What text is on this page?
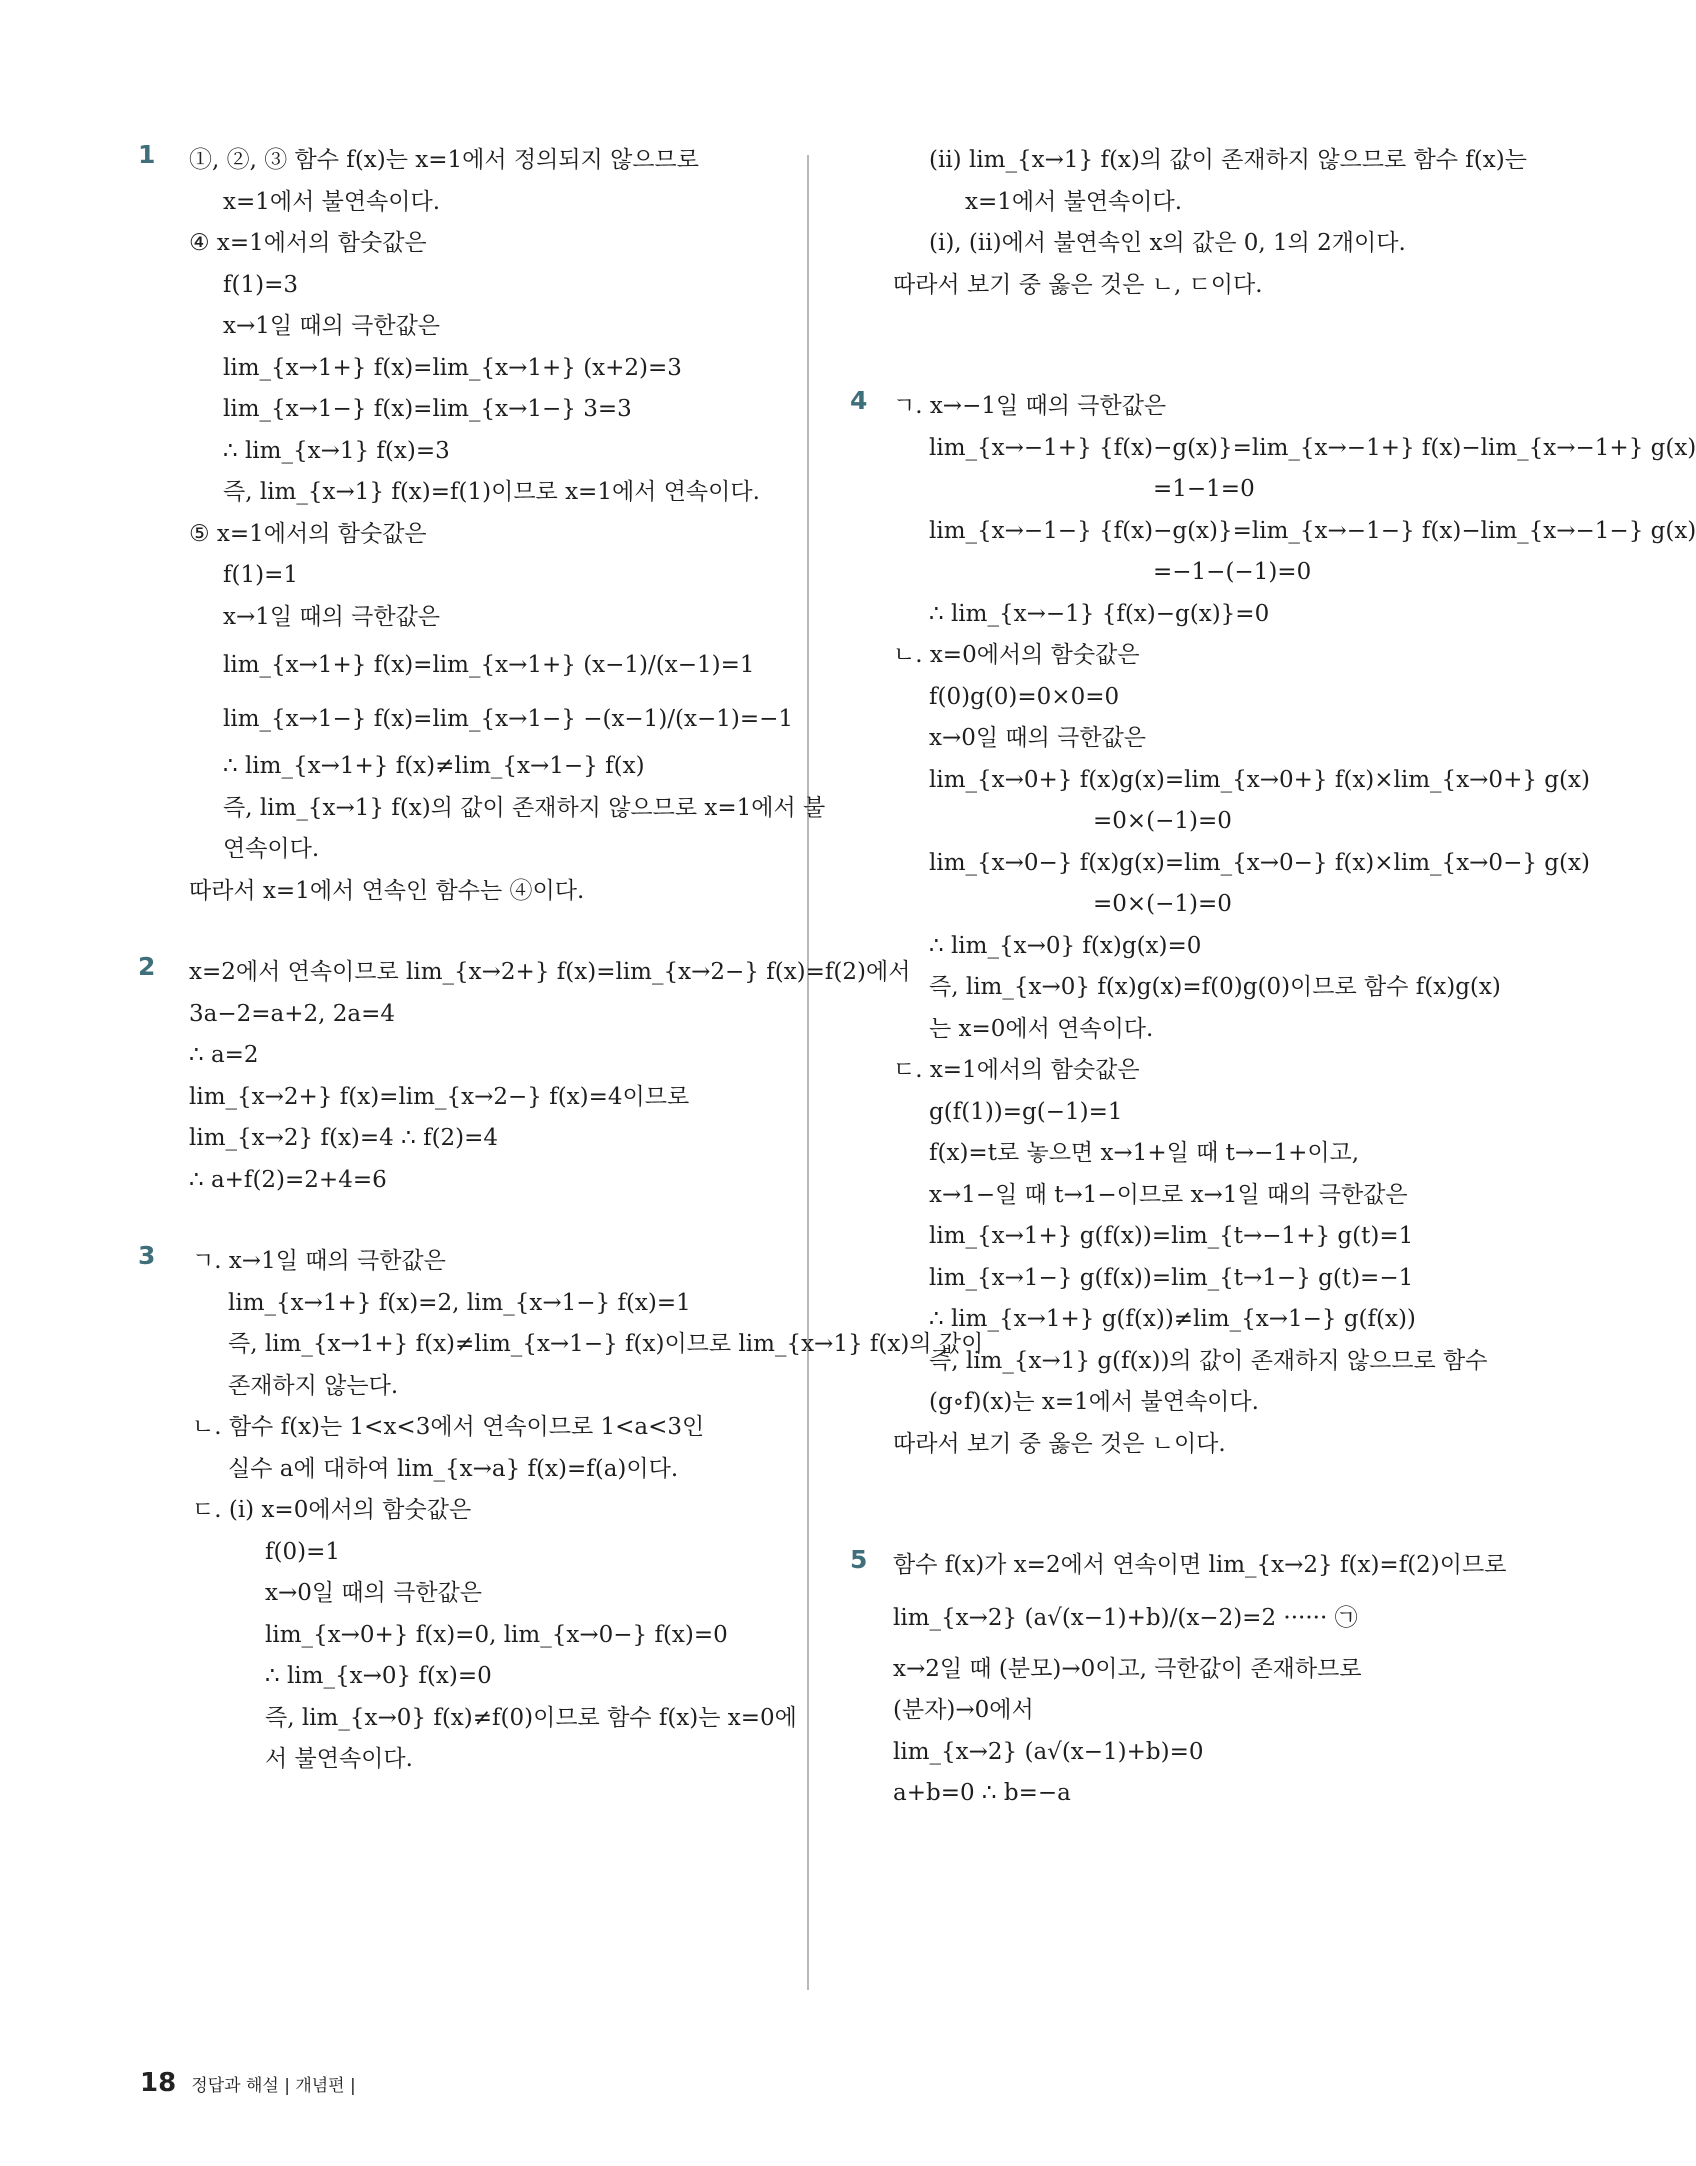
1	①, ②, ③ 함수 f(x)는 x=1에서 정의되지 않으므로
x=1에서 불연속이다.
④ x=1에서의 함숫값은
f(1)=3
x→1일 때의 극한값은
lim_{x→1+} f(x)=lim_{x→1+} (x+2)=3
lim_{x→1−} f(x)=lim_{x→1−} 3=3
∴ lim_{x→1} f(x)=3
즉, lim_{x→1} f(x)=f(1)이므로 x=1에서 연속이다.
⑤ x=1에서의 함숫값은
f(1)=1
x→1일 때의 극한값은
lim_{x→1+} f(x)=lim_{x→1+} (x−1)/(x−1)=1
lim_{x→1−} f(x)=lim_{x→1−} −(x−1)/(x−1)=−1
∴ lim_{x→1+} f(x)≠lim_{x→1−} f(x)
즉, lim_{x→1} f(x)의 값이 존재하지 않으므로 x=1에서 불
연속이다.
따라서 x=1에서 연속인 함수는 ④이다.
2	x=2에서 연속이므로 lim_{x→2+} f(x)=lim_{x→2−} f(x)=f(2)에서
3a−2=a+2, 2a=4
∴ a=2
lim_{x→2+} f(x)=lim_{x→2−} f(x)=4이므로
lim_{x→2} f(x)=4 ∴ f(2)=4
∴ a+f(2)=2+4=6
3	ㄱ. x→1일 때의 극한값은
lim_{x→1+} f(x)=2, lim_{x→1−} f(x)=1
즉, lim_{x→1+} f(x)≠lim_{x→1−} f(x)이므로 lim_{x→1} f(x)의 값이
존재하지 않는다.
ㄴ. 함수 f(x)는 1<x<3에서 연속이므로 1<a<3인
실수 a에 대하여 lim_{x→a} f(x)=f(a)이다.
ㄷ. (i) x=0에서의 함숫값은
f(0)=1
x→0일 때의 극한값은
lim_{x→0+} f(x)=0, lim_{x→0−} f(x)=0
∴ lim_{x→0} f(x)=0
즉, lim_{x→0} f(x)≠f(0)이므로 함수 f(x)는 x=0에
서 불연속이다.
(ii) lim_{x→1} f(x)의 값이 존재하지 않으므로 함수 f(x)는
x=1에서 불연속이다.
(i), (ii)에서 불연속인 x의 값은 0, 1의 2개이다.
따라서 보기 중 옳은 것은 ㄴ, ㄷ이다.
4	ㄱ. x→−1일 때의 극한값은
lim_{x→−1+} {f(x)−g(x)}=lim_{x→−1+} f(x)−lim_{x→−1+} g(x)
=1−1=0
lim_{x→−1−} {f(x)−g(x)}=lim_{x→−1−} f(x)−lim_{x→−1−} g(x)
=−1−(−1)=0
∴ lim_{x→−1} {f(x)−g(x)}=0
ㄴ. x=0에서의 함숫값은
f(0)g(0)=0×0=0
x→0일 때의 극한값은
lim_{x→0+} f(x)g(x)=lim_{x→0+} f(x)×lim_{x→0+} g(x)
=0×(−1)=0
lim_{x→0−} f(x)g(x)=lim_{x→0−} f(x)×lim_{x→0−} g(x)
=0×(−1)=0
∴ lim_{x→0} f(x)g(x)=0
즉, lim_{x→0} f(x)g(x)=f(0)g(0)이므로 함수 f(x)g(x)
는 x=0에서 연속이다.
ㄷ. x=1에서의 함숫값은
g(f(1))=g(−1)=1
f(x)=t로 놓으면 x→1+일 때 t→−1+이고,
x→1−일 때 t→1−이므로 x→1일 때의 극한값은
lim_{x→1+} g(f(x))=lim_{t→−1+} g(t)=1
lim_{x→1−} g(f(x))=lim_{t→1−} g(t)=−1
∴ lim_{x→1+} g(f(x))≠lim_{x→1−} g(f(x))
즉, lim_{x→1} g(f(x))의 값이 존재하지 않으므로 함수
(g∘f)(x)는 x=1에서 불연속이다.
따라서 보기 중 옳은 것은 ㄴ이다.
5	함수 f(x)가 x=2에서 연속이면 lim_{x→2} f(x)=f(2)이므로
lim_{x→2} (a√(x−1)+b)/(x−2)=2 ······ ㉠
x→2일 때 (분모)→0이고, 극한값이 존재하므로
(분자)→0에서
lim_{x→2} (a√(x−1)+b)=0
a+b=0 ∴ b=−a
18 정답과 해설 | 개념편 |
